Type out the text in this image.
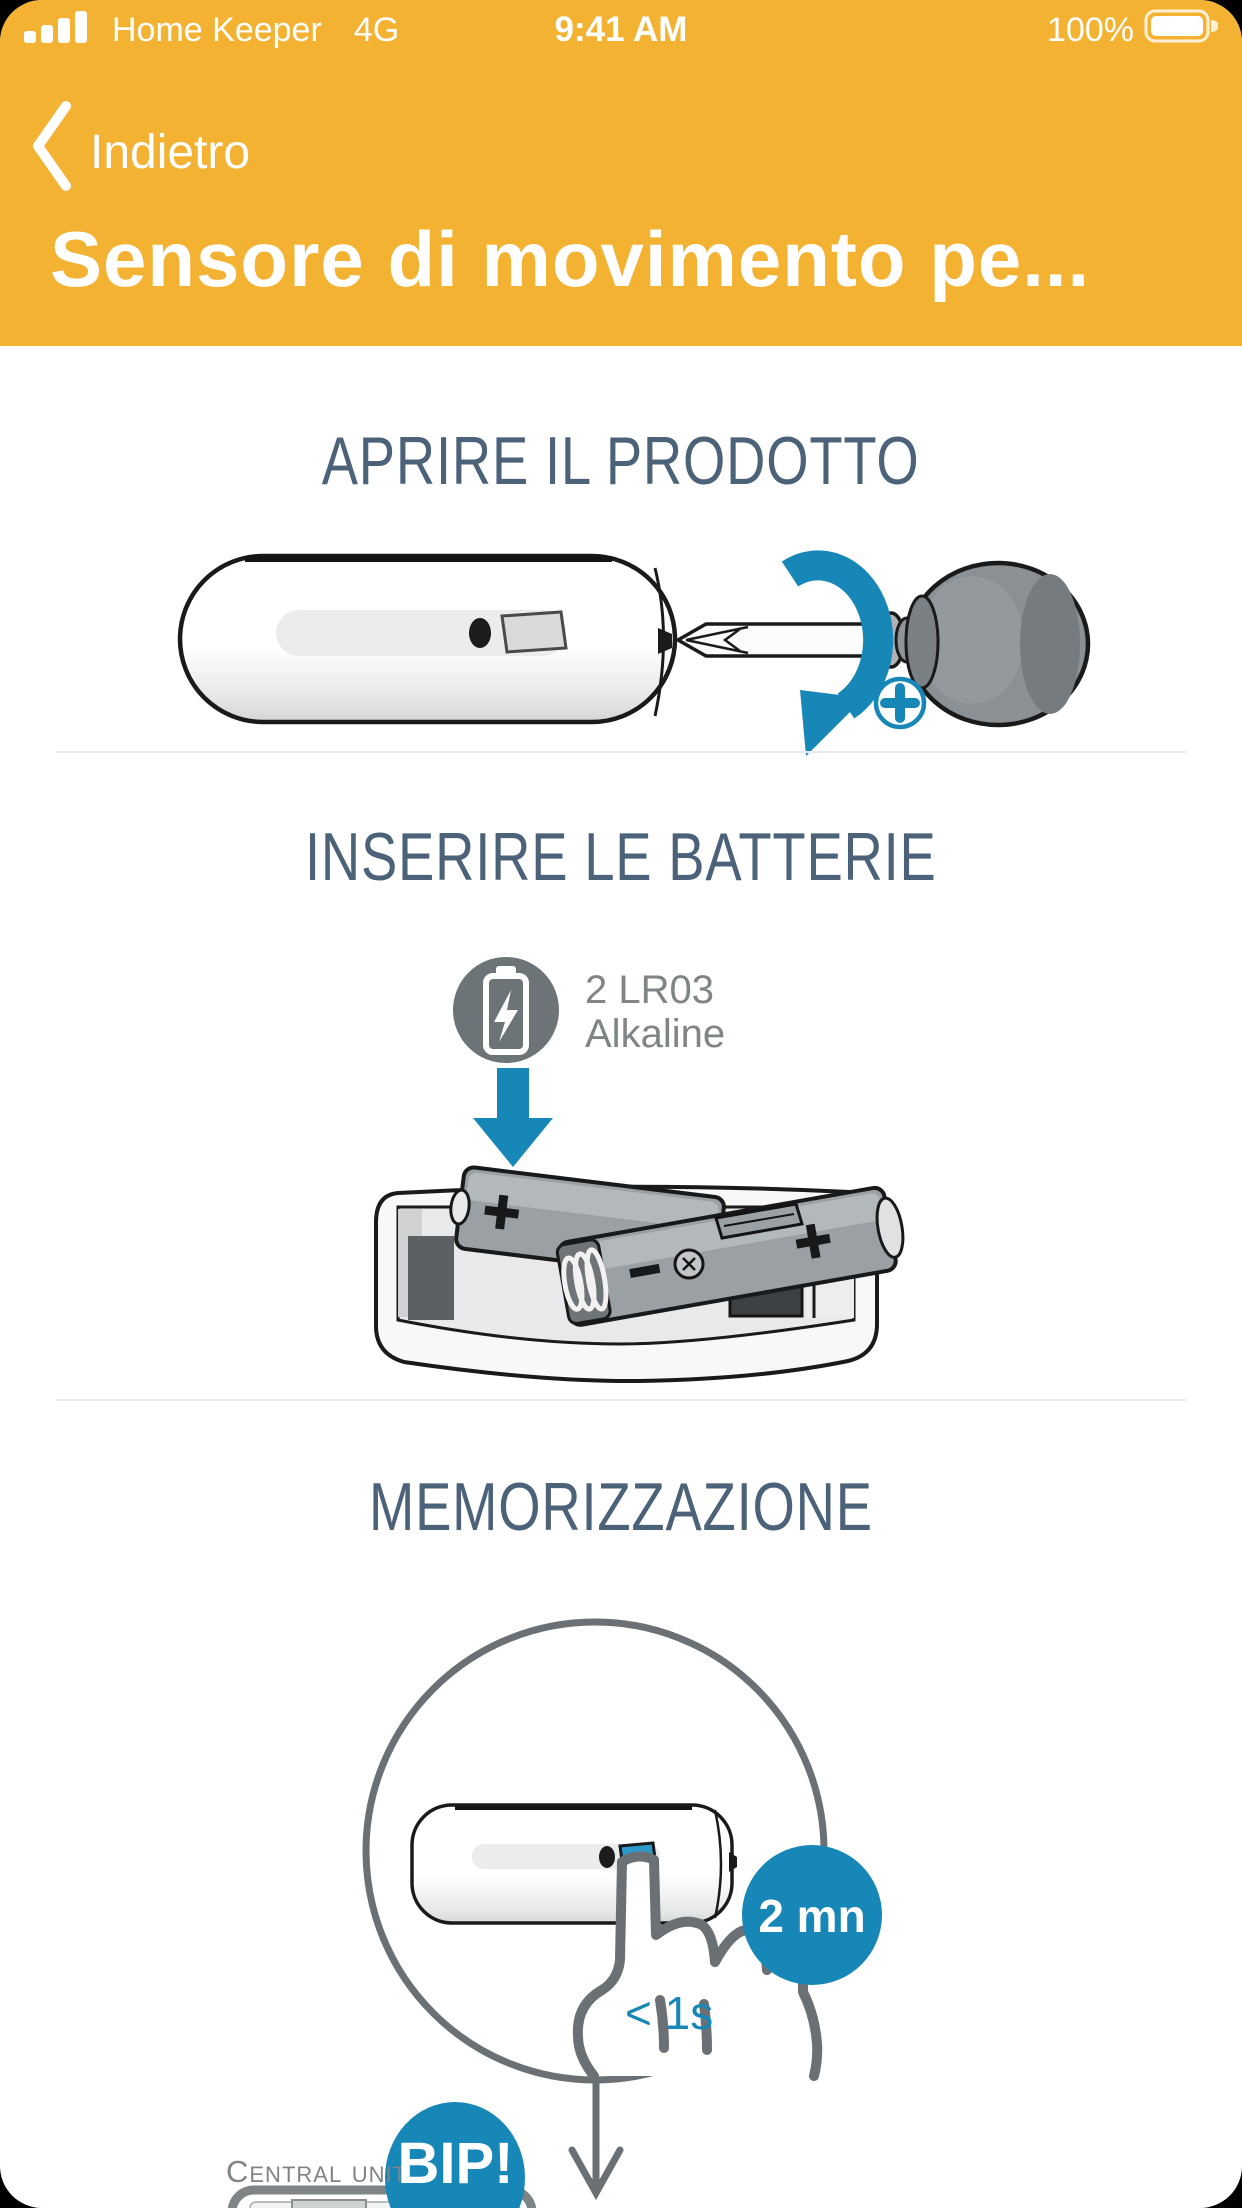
Home Keeper 4G	9:41 AM	100%
Indietro
Sensore di movimento pe...
APRIRE IL PRODOTTO
INSERIRE LE BATTERIE
2 LR03
Alkaline
MEMORIZZAZIONE
2 mn
< 1s
Central unit
BIP!
